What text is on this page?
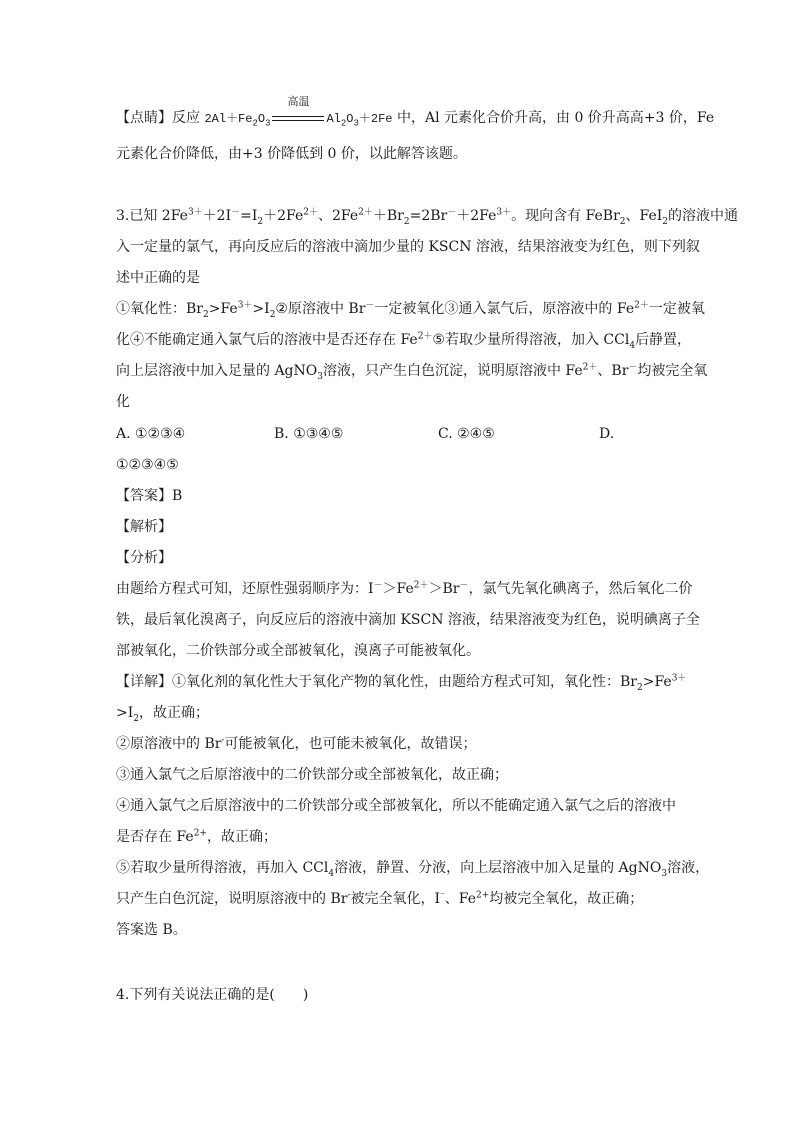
【点睛】反应 $2Al+Fe_2O_3$
高温
$Al_2O_3+2Fe$ 中，Al 元素化合价升高，由 0 价升高高+3 价，Fe
元素化合价降低，由+3 价降低到 0 价，以此解答该题。
3.已知 $2Fe^{3+}+2I^-=I_2+2Fe^{2+}$、$2Fe^{2+}+Br_2=2Br^-+2Fe^{3+}$。现向含有 FeBr$_2$、FeI$_2$的溶液中通
入一定量的氯气，再向反应后的溶液中滴加少量的 KSCN 溶液，结果溶液变为红色，则下列叙
述中正确的是
①氧化性：$Br_2>Fe^{3+}>I_2②$原溶液中 Br－一定被氧化③通入氯气后，原溶液中的 $Fe^{2+}$一定被氧
化④不能确定通入氯气后的溶液中是否还存在 $Fe^{2+}⑤$若取少量所得溶液，加入 CCl$_4$后静置，
向上层溶液中加入足量的 AgNO$_3$溶液，只产生白色沉淀，说明原溶液中 $Fe^{2+}$、Br－均被完全氧
化
A. ①②③④	B. ①③④⑤	C. ②④⑤	D.
①②③④⑤
【答案】B
【解析】
【分析】
由题给方程式可知，还原性强弱顺序为：$I^->Fe^{2+}>Br^-$，氯气先氧化碘离子，然后氧化二价
铁，最后氧化溴离子，向反应后的溶液中滴加 KSCN 溶液，结果溶液变为红色，说明碘离子全
部被氧化，二价铁部分或全部被氧化，溴离子可能被氧化。
【详解】①氧化剂的氧化性大于氧化产物的氧化性，由题给方程式可知，氧化性：$Br_2>Fe^{3+}$
$>I_2$，故正确；
②原溶液中的 Br-可能被氧化，也可能未被氧化，故错误；
③通入氯气之后原溶液中的二价铁部分或全部被氧化，故正确；
④通入氯气之后原溶液中的二价铁部分或全部被氧化，所以不能确定通入氯气之后的溶液中
是否存在 $Fe^{2+}$，故正确；
⑤若取少量所得溶液，再加入 CCl$_4$溶液，静置、分液，向上层溶液中加入足量的 AgNO$_3$溶液，
只产生白色沉淀，说明原溶液中的 Br-被完全氧化，I⁻、$Fe^{2+}$均被完全氧化，故正确；
答案选 B。
4.下列有关说法正确的是(　　)
